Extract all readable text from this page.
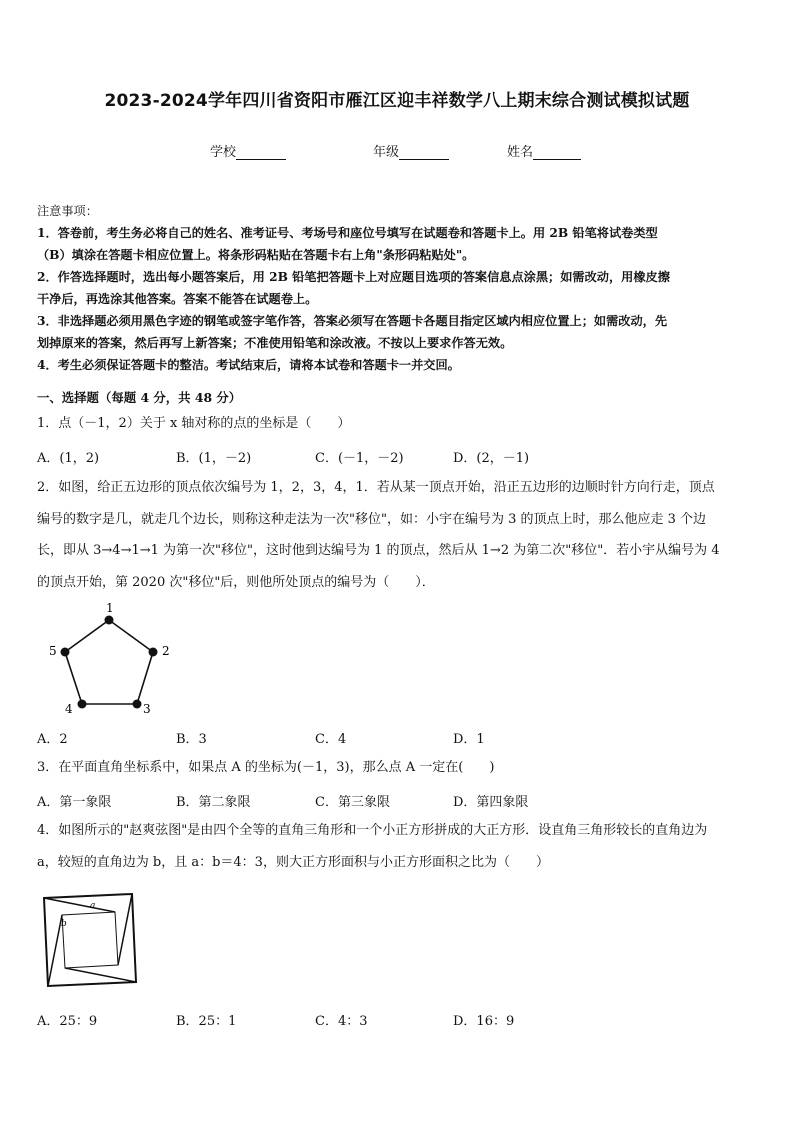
2023-2024学年四川省资阳市雁江区迎丰祥数学八上期末综合测试模拟试题
学校	年级	姓名
注意事项：
1．答卷前，考生务必将自己的姓名、准考证号、考场号和座位号填写在试题卷和答题卡上。用 2B 铅笔将试卷类型
（B）填涂在答题卡相应位置上。将条形码粘贴在答题卡右上角"条形码粘贴处"。
2．作答选择题时，选出每小题答案后，用 2B 铅笔把答题卡上对应题目选项的答案信息点涂黑；如需改动，用橡皮擦
干净后，再选涂其他答案。答案不能答在试题卷上。
3．非选择题必须用黑色字迹的钢笔或签字笔作答，答案必须写在答题卡各题目指定区域内相应位置上；如需改动，先
划掉原来的答案，然后再写上新答案；不准使用铅笔和涂改液。不按以上要求作答无效。
4．考生必须保证答题卡的整洁。考试结束后，请将本试卷和答题卡一并交回。
一、选择题（每题 4 分，共 48 分）
1．点（－1，2）关于 x 轴对称的点的坐标是（　　）
A．(1，2)	B．(1，－2)	C．(－1，－2)	D．(2，－1)
2．如图，给正五边形的顶点依次编号为 1，2，3，4，1．若从某一顶点开始，沿正五边形的边顺时针方向行走，顶点
编号的数字是几，就走几个边长，则称这种走法为一次"移位"，如：小宇在编号为 3 的顶点上时，那么他应走 3 个边
长，即从 3→4→1→1 为第一次"移位"，这时他到达编号为 1 的顶点，然后从 1→2 为第二次"移位"．若小宇从编号为 4
的顶点开始，第 2020 次"移位"后，则他所处顶点的编号为（　　）．
1
2
3
4
5
A．2	B．3	C．4	D．1
3．在平面直角坐标系中，如果点 A 的坐标为(－1，3)，那么点 A 一定在(　　)
A．第一象限	B．第二象限	C．第三象限	D．第四象限
4．如图所示的"赵爽弦图"是由四个全等的直角三角形和一个小正方形拼成的大正方形．设直角三角形较长的直角边为
a，较短的直角边为 b，且 a：b＝4：3，则大正方形面积与小正方形面积之比为（　　）
a
b
A．25：9	B．25：1	C．4：3	D．16：9
